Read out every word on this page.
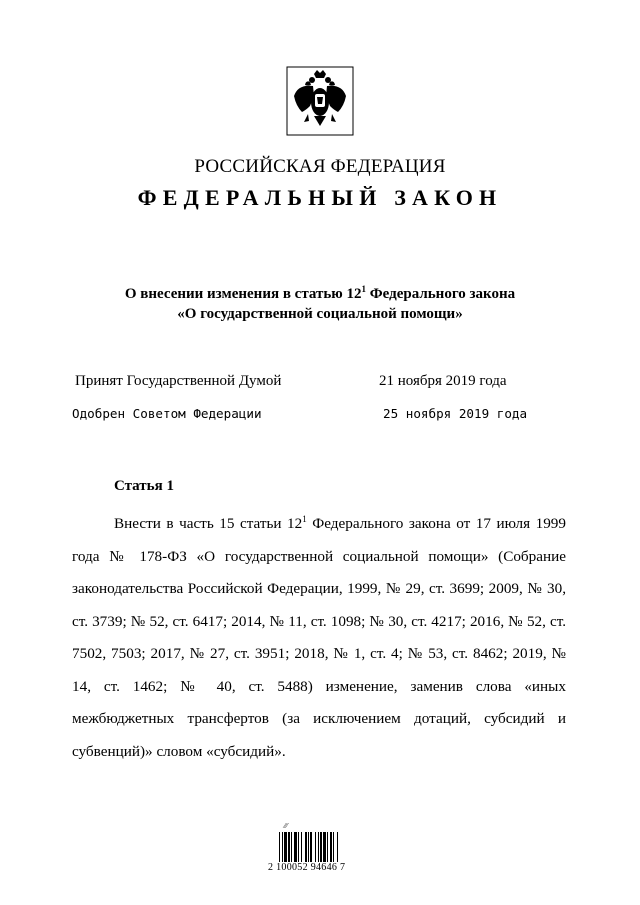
РОССИЙСКАЯ ФЕДЕРАЦИЯ
ФЕДЕРАЛЬНЫЙ ЗАКОН
О внесении изменения в статью $12^1$ Федерального закона
«О государственной социальной помощи»
Принят Государственной Думой	21 ноября 2019 года
Одобрен Советом Федерации	25 ноября 2019 года
Статья 1
Внести в часть 15 статьи $12^1$ Федерального закона от 17 июля 1999 года № 178-ФЗ «О государственной социальной помощи» (Собрание законодательства Российской Федерации, 1999, № 29, ст. 3699; 2009, № 30, ст. 3739; № 52, ст. 6417; 2014, № 11, ст. 1098; № 30, ст. 4217; 2016, № 52, ст. 7502, 7503; 2017, № 27, ст. 3951; 2018, № 1, ст. 4; № 53, ст. 8462; 2019, № 14, ст. 1462; № 40, ст. 5488) изменение, заменив слова «иных межбюджетных трансфертов (за исключением дотаций, субсидий и субвенций)» словом «субсидий».
⁄⁄⁄
2 100052 94646 7
